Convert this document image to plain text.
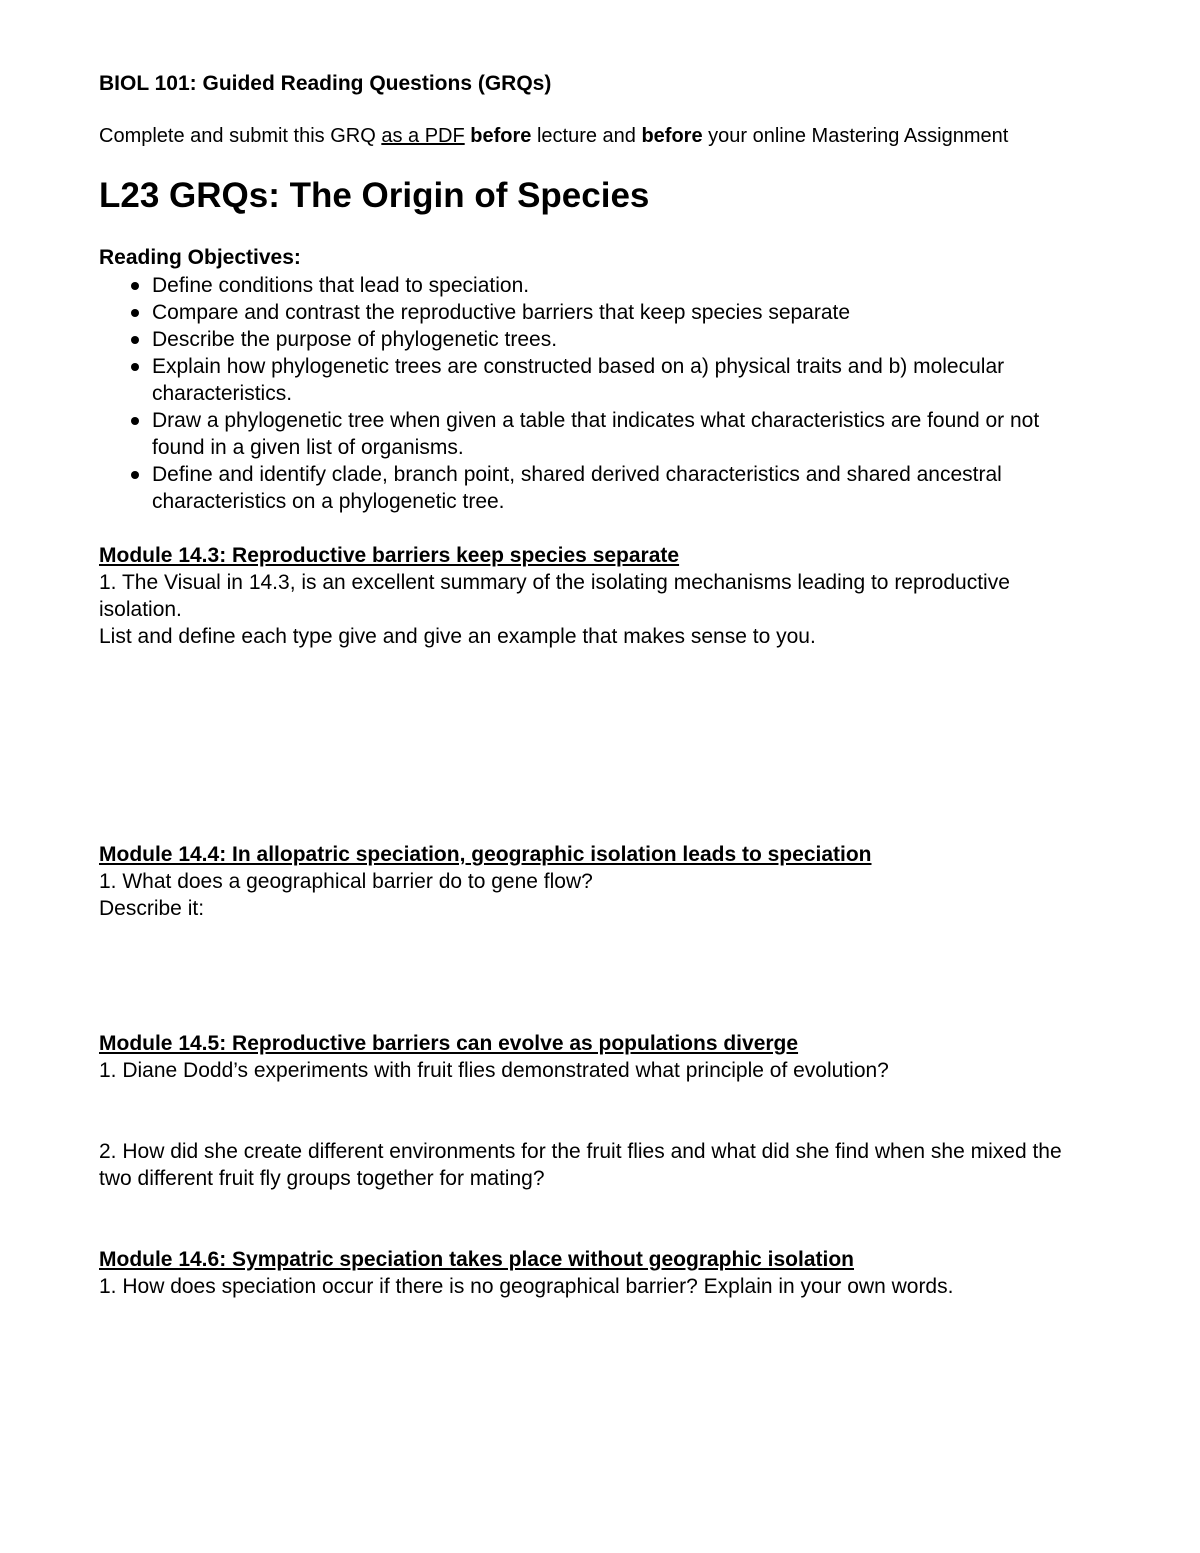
BIOL 101: Guided Reading Questions (GRQs)
Complete and submit this GRQ as a PDF before lecture and before your online Mastering Assignment
L23 GRQs: The Origin of Species
Reading Objectives:
Define conditions that lead to speciation.
Compare and contrast the reproductive barriers that keep species separate
Describe the purpose of phylogenetic trees.
Explain how phylogenetic trees are constructed based on a) physical traits and b) molecular characteristics.
Draw a phylogenetic tree when given a table that indicates what characteristics are found or not found in a given list of organisms.
Define and identify clade, branch point, shared derived characteristics and shared ancestral characteristics on a phylogenetic tree.
Module 14.3: Reproductive barriers keep species separate
1. The Visual in 14.3, is an excellent summary of the isolating mechanisms leading to reproductive isolation.
List and define each type give and give an example that makes sense to you.
Module 14.4: In allopatric speciation, geographic isolation leads to speciation
1. What does a geographical barrier do to gene flow?
Describe it:
Module 14.5: Reproductive barriers can evolve as populations diverge
1. Diane Dodd’s experiments with fruit flies demonstrated what principle of evolution?
2. How did she create different environments for the fruit flies and what did she find when she mixed the two different fruit fly groups together for mating?
Module 14.6: Sympatric speciation takes place without geographic isolation
1. How does speciation occur if there is no geographical barrier? Explain in your own words.
